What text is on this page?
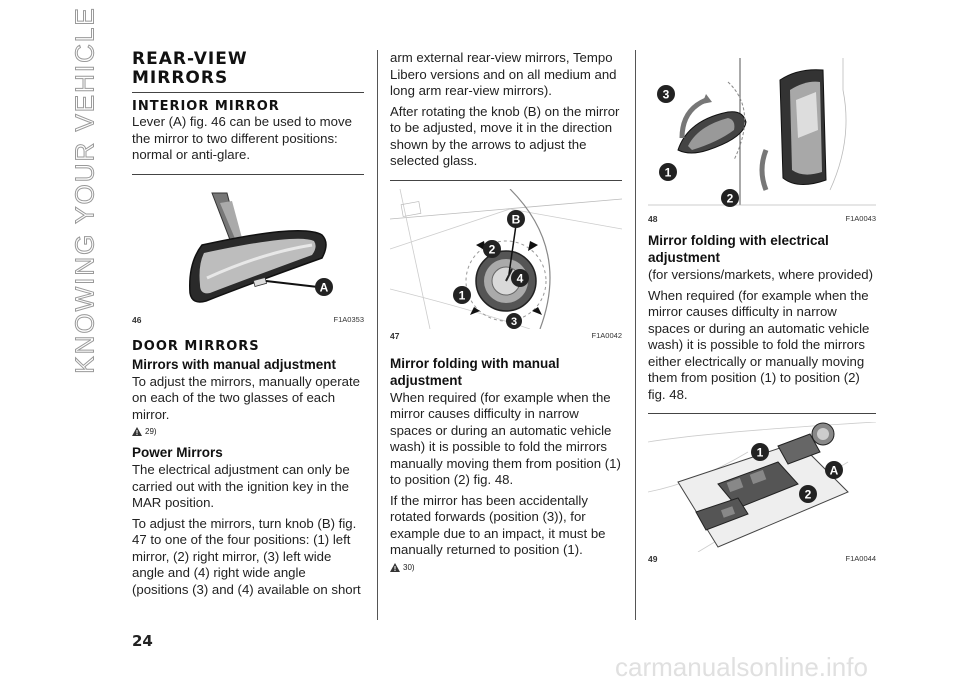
KNOWING YOUR VEHICLE REAR-VIEW
MIRRORS
INTERIOR MIRROR

Lever (A) fig. 46 can be used to move the mirror to two different positions: normal or anti-glare.

A
46	F1A0353
DOOR MIRRORS
Mirrors with manual adjustment

To adjust the mirrors, manually operate on each of the two glasses of each mirror.

29)
Power Mirrors

The electrical adjustment can only be carried out with the ignition key in the MAR position.

To adjust the mirrors, turn knob (B) fig. 47 to one of the four positions: (1) left mirror, (2) right mirror, (3) left wide angle and (4) right wide angle (positions (3) and (4) available on short

arm external rear-view mirrors, Tempo Libero versions and on all medium and long arm rear-view mirrors).

After rotating the knob (B) on the mirror to be adjusted, move it in the direction shown by the arrows to adjust the selected glass.

B
2
4
1
3
47	F1A0042
Mirror folding with manual adjustment

When required (for example when the mirror causes difficulty in narrow spaces or during an automatic vehicle wash) it is possible to fold the mirrors manually moving them from position (1) to position (2) fig. 48.

If the mirror has been accidentally rotated forwards (position (3)), for example due to an impact, it must be manually returned to position (1).

30)
3
1
2
48	F1A0043
Mirror folding with electrical adjustment

(for versions/markets, where provided)

When required (for example when the mirror causes difficulty in narrow spaces or during an automatic vehicle wash) it is possible to fold the mirrors either electrically or manually moving them from position (1) to position (2) fig. 48.

1
A
2
49	F1A0044
24
carmanualsonline.info
